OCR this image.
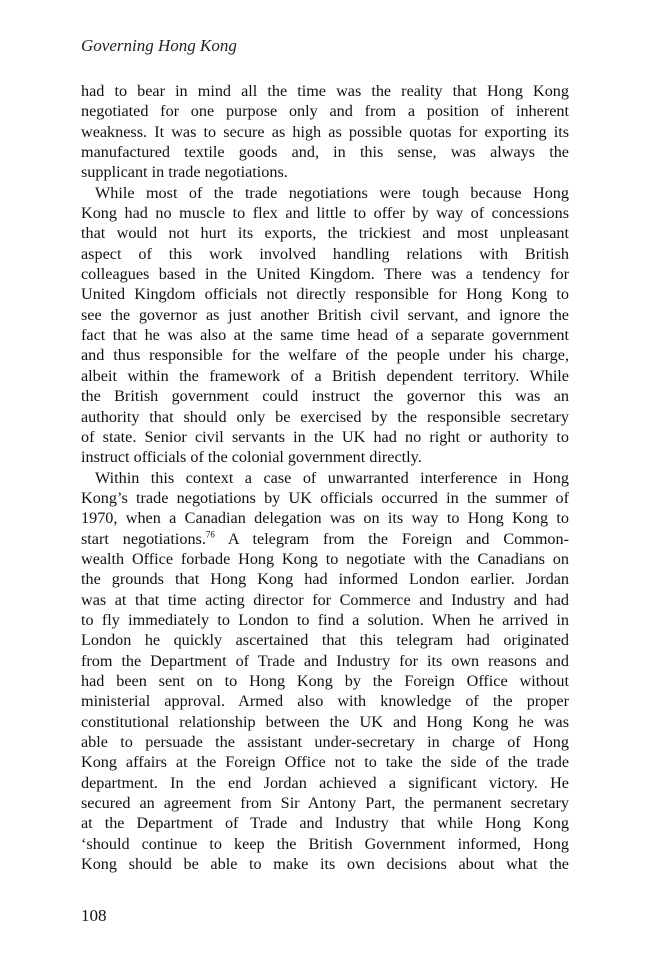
Governing Hong Kong

had to bear in mind all the time was the reality that Hong Kong
negotiated for one purpose only and from a position of inherent
weakness. It was to secure as high as possible quotas for exporting its
manufactured textile goods and, in this sense, was always the
supplicant in trade negotiations.

While most of the trade negotiations were tough because Hong
Kong had no muscle to flex and little to offer by way of concessions
that would not hurt its exports, the trickiest and most unpleasant
aspect of this work involved handling relations with British
colleagues based in the United Kingdom. There was a tendency for
United Kingdom officials not directly responsible for Hong Kong to
see the governor as just another British civil servant, and ignore the
fact that he was also at the same time head of a separate government
and thus responsible for the welfare of the people under his charge,
albeit within the framework of a British dependent territory. While
the British government could instruct the governor this was an
authority that should only be exercised by the responsible secretary
of state. Senior civil servants in the UK had no right or authority to
instruct officials of the colonial government directly.

Within this context a case of unwarranted interference in Hong
Kong’s trade negotiations by UK officials occurred in the summer of
1970, when a Canadian delegation was on its way to Hong Kong to
start negotiations.$^{76}$ A telegram from the Foreign and Common-
wealth Office forbade Hong Kong to negotiate with the Canadians on
the grounds that Hong Kong had informed London earlier. Jordan
was at that time acting director for Commerce and Industry and had
to fly immediately to London to find a solution. When he arrived in
London he quickly ascertained that this telegram had originated
from the Department of Trade and Industry for its own reasons and
had been sent on to Hong Kong by the Foreign Office without
ministerial approval. Armed also with knowledge of the proper
constitutional relationship between the UK and Hong Kong he was
able to persuade the assistant under-secretary in charge of Hong
Kong affairs at the Foreign Office not to take the side of the trade
department. In the end Jordan achieved a significant victory. He
secured an agreement from Sir Antony Part, the permanent secretary
at the Department of Trade and Industry that while Hong Kong
‘should continue to keep the British Government informed, Hong
Kong should be able to make its own decisions about what the

108
